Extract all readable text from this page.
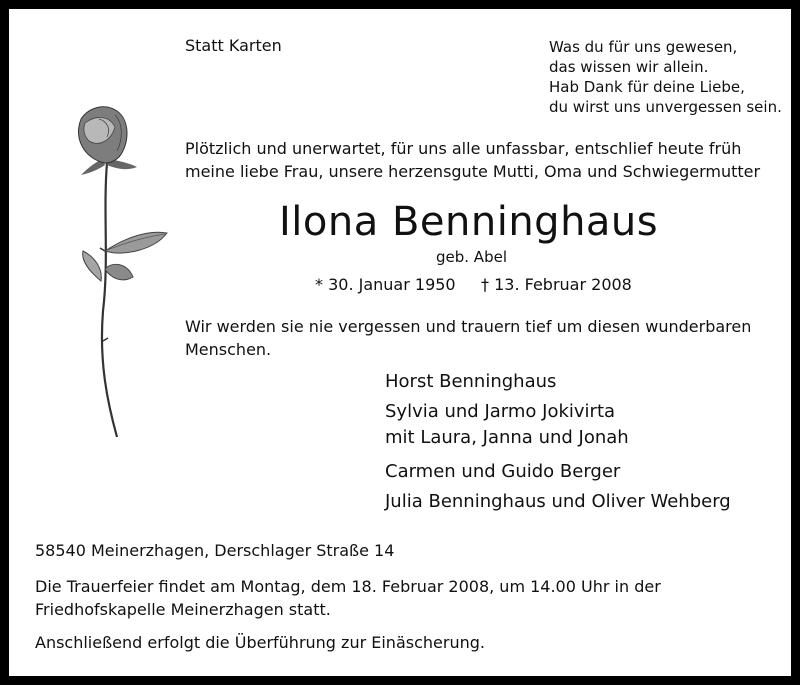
Statt Karten	Was du für uns gewesen,
das wissen wir allein.
Hab Dank für deine Liebe,
du wirst uns unvergessen sein.
Plötzlich und unerwartet, für uns alle unfassbar, entschlief heute früh
meine liebe Frau, unsere herzensgute Mutti, Oma und Schwiegermutter
Ilona Benninghaus
geb. Abel
* 30. Januar 1950 † 13. Februar 2008
Wir werden sie nie vergessen und trauern tief um diesen wunderbaren
Menschen.
Horst Benninghaus
Sylvia und Jarmo Jokivirta
mit Laura, Janna und Jonah
Carmen und Guido Berger
Julia Benninghaus und Oliver Wehberg
58540 Meinerzhagen, Derschlager Straße 14
Die Trauerfeier findet am Montag, dem 18. Februar 2008, um 14.00 Uhr in der
Friedhofskapelle Meinerzhagen statt.
Anschließend erfolgt die Überführung zur Einäscherung.
